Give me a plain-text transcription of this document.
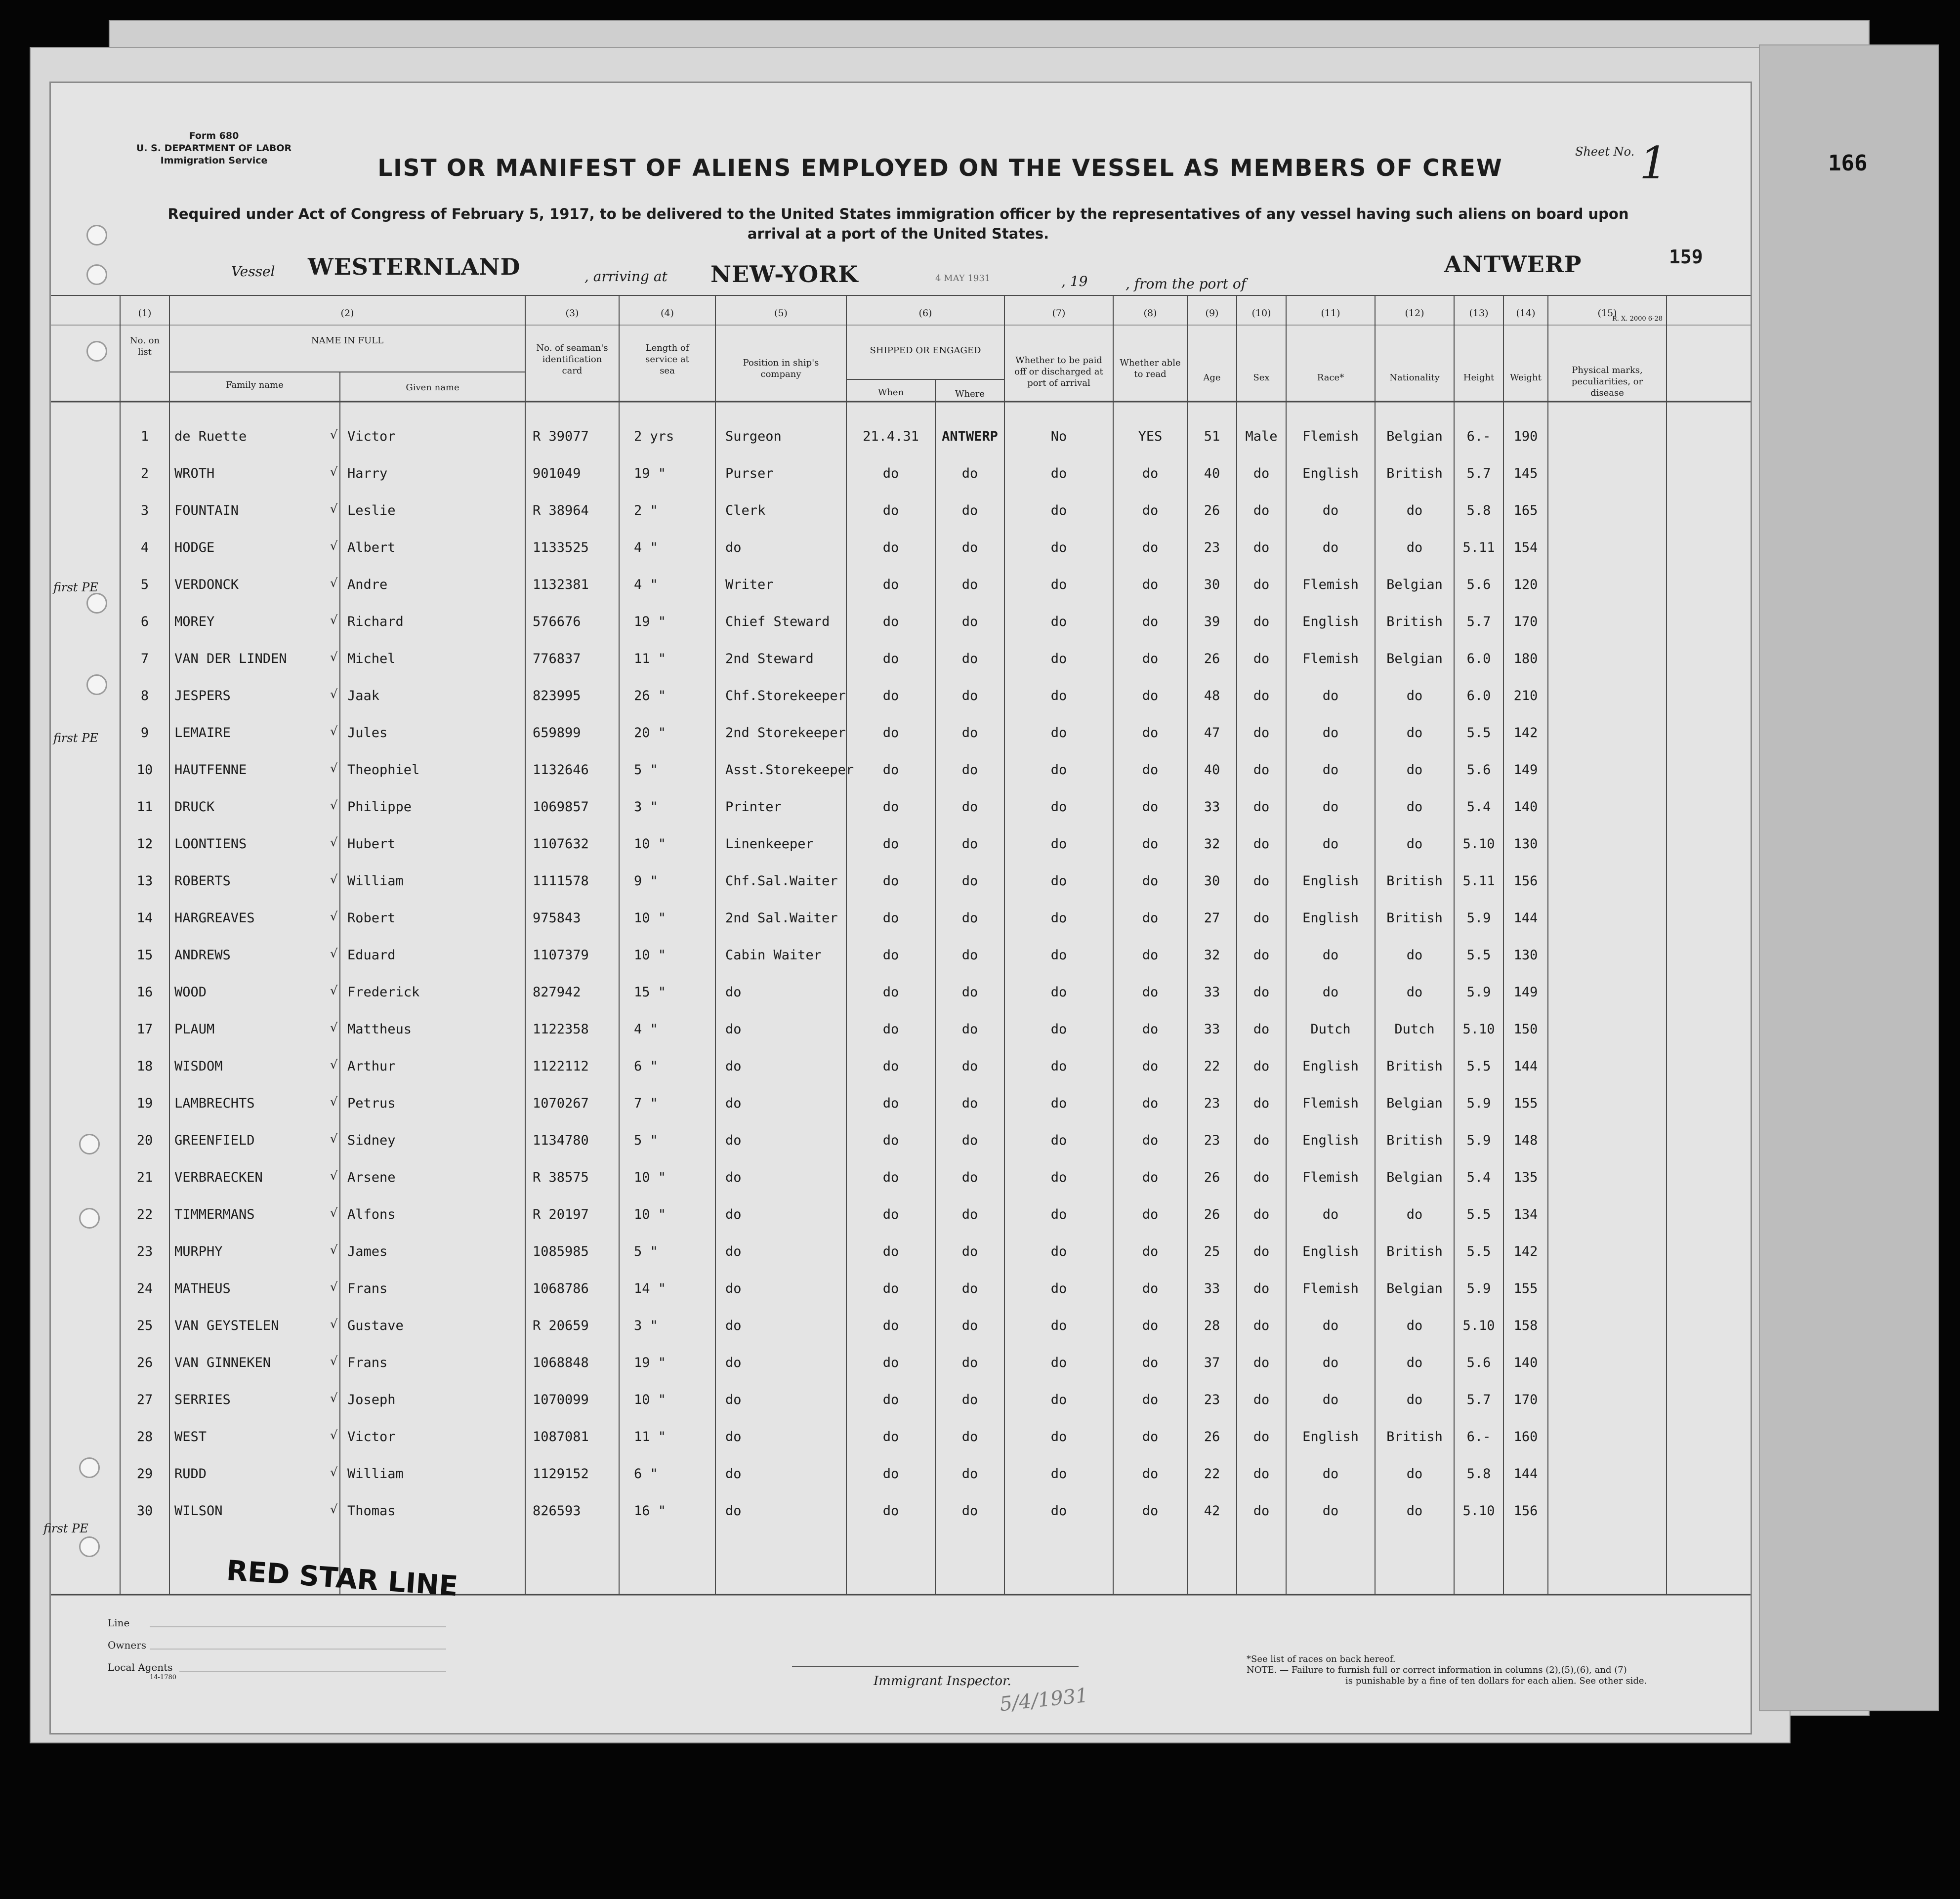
166
Form 680
U. S. DEPARTMENT OF LABOR
Immigration Service	LIST OR MANIFEST OF ALIENS EMPLOYED ON THE VESSEL AS MEMBERS OF CREW
Required under Act of Congress of February 5, 1917, to be delivered to the United States immigration officer by the representatives of any vessel having such aliens on board upon
arrival at a port of the United States.
Sheet No. 1
159
Vessel WESTERNLAND	, arriving at NEW-YORK	4 MAY 1931	, 19	, from the port of
ANTWERP
R. X. 2000 6-28
(1)	(2)	(3)	(4)	(5)	(6)	(7)	(8)	(9)	(10)	(11)	(12)	(13)	(14)	(15)
No. on list
NAME IN FULL
Family name	Given name
No. of seaman's identification card
Length of service at sea
Position in ship's company
SHIPPED OR ENGAGED
When	Where
Whether to be paid off or discharged at port of arrival
Whether able to read	Age	Sex	Race*	Nationality	Height	Weight
Physical marks, peculiarities, or disease
1	de Ruette	Victor	R 39077	2 yrs	Surgeon	21.4.31	ANTWERP	No	YES	51	Male	Flemish	Belgian	6.-	190
√
2	WROTH	Harry	901049	19 "	Purser	do	do	do	do	40	do	English	British	5.7	145
√
3	FOUNTAIN	Leslie	R 38964	2 "	Clerk	do	do	do	do	26	do	do	do	5.8	165
√
4	HODGE	Albert	1133525	4 "	do	do	do	do	do	23	do	do	do	5.11	154
√
5	VERDONCK	Andre	1132381	4 "	Writer	do	do	do	do	30	do	Flemish	Belgian	5.6	120
√
6	MOREY	Richard	576676	19 "	Chief Steward	do	do	do	do	39	do	English	British	5.7	170
√
7	VAN DER LINDEN	Michel	776837	11 "	2nd Steward	do	do	do	do	26	do	Flemish	Belgian	6.0	180
√
8	JESPERS	Jaak	823995	26 "	Chf.Storekeeper	do	do	do	do	48	do	do	do	6.0	210
√
9	LEMAIRE	Jules	659899	20 "	2nd Storekeeper	do	do	do	do	47	do	do	do	5.5	142
√
10	HAUTFENNE	Theophiel	1132646	5 "	Asst.Storekeeper	do	do	do	do	40	do	do	do	5.6	149
√
11	DRUCK	Philippe	1069857	3 "	Printer	do	do	do	do	33	do	do	do	5.4	140
√
12	LOONTIENS	Hubert	1107632	10 "	Linenkeeper	do	do	do	do	32	do	do	do	5.10	130
√
13	ROBERTS	William	1111578	9 "	Chf.Sal.Waiter	do	do	do	do	30	do	English	British	5.11	156
√
14	HARGREAVES	Robert	975843	10 "	2nd Sal.Waiter	do	do	do	do	27	do	English	British	5.9	144
√
15	ANDREWS	Eduard	1107379	10 "	Cabin Waiter	do	do	do	do	32	do	do	do	5.5	130
√
16	WOOD	Frederick	827942	15 "	do	do	do	do	do	33	do	do	do	5.9	149
√
17	PLAUM	Mattheus	1122358	4 "	do	do	do	do	do	33	do	Dutch	Dutch	5.10	150
√
18	WISDOM	Arthur	1122112	6 "	do	do	do	do	do	22	do	English	British	5.5	144
√
19	LAMBRECHTS	Petrus	1070267	7 "	do	do	do	do	do	23	do	Flemish	Belgian	5.9	155
√
20	GREENFIELD	Sidney	1134780	5 "	do	do	do	do	do	23	do	English	British	5.9	148
√
21	VERBRAECKEN	Arsene	R 38575	10 "	do	do	do	do	do	26	do	Flemish	Belgian	5.4	135
√
22	TIMMERMANS	Alfons	R 20197	10 "	do	do	do	do	do	26	do	do	do	5.5	134
√
23	MURPHY	James	1085985	5 "	do	do	do	do	do	25	do	English	British	5.5	142
√
24	MATHEUS	Frans	1068786	14 "	do	do	do	do	do	33	do	Flemish	Belgian	5.9	155
√
25	VAN GEYSTELEN	Gustave	R 20659	3 "	do	do	do	do	do	28	do	do	do	5.10	158
√
26	VAN GINNEKEN	Frans	1068848	19 "	do	do	do	do	do	37	do	do	do	5.6	140
√
27	SERRIES	Joseph	1070099	10 "	do	do	do	do	do	23	do	do	do	5.7	170
√
28	WEST	Victor	1087081	11 "	do	do	do	do	do	26	do	English	British	6.-	160
√
29	RUDD	William	1129152	6 "	do	do	do	do	do	22	do	do	do	5.8	144
√
30	WILSON	Thomas	826593	16 "	do	do	do	do	do	42	do	do	do	5.10	156
√
Line
Owners
Local Agents
14-1780
RED STAR LINE
Immigrant Inspector.
5/4/1931
*See list of races on back hereof.
NOTE. — Failure to furnish full or correct information in columns (2),(5),(6), and (7)
is punishable by a fine of ten dollars for each alien. See other side.
first PE
first PE
first PE
